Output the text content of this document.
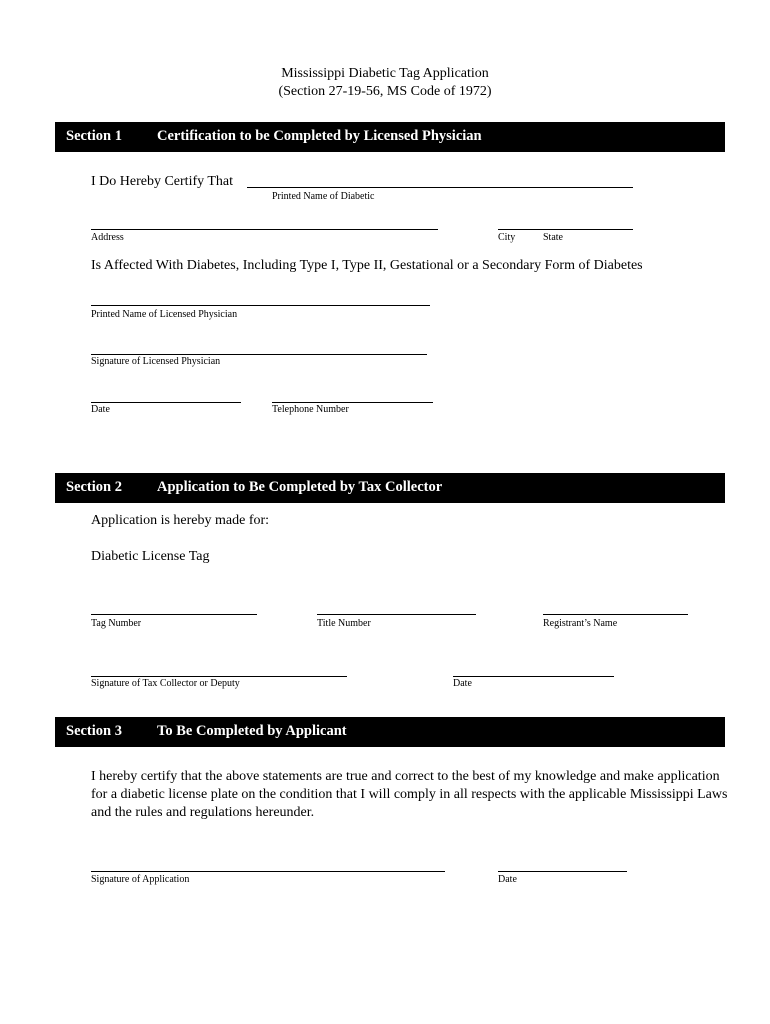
Mississippi Diabetic Tag Application
(Section 27-19-56, MS Code of 1972)
Section 1 Certification to be Completed by Licensed Physician
I Do Hereby Certify That
Printed Name of Diabetic
Address	City	State
Is Affected With Diabetes, Including Type I, Type II, Gestational or a Secondary Form of Diabetes
Printed Name of Licensed Physician
Signature of Licensed Physician
Date	Telephone Number
Section 2 Application to Be Completed by Tax Collector
Application is hereby made for:
Diabetic License Tag
Tag Number	Title Number	Registrant’s Name
Signature of Tax Collector or Deputy	Date
Section 3 To Be Completed by Applicant
I hereby certify that the above statements are true and correct to the best of my knowledge and make application for a diabetic license plate on the condition that I will comply in all respects with the applicable Mississippi Laws and the rules and regulations hereunder.
Signature of Application	Date
